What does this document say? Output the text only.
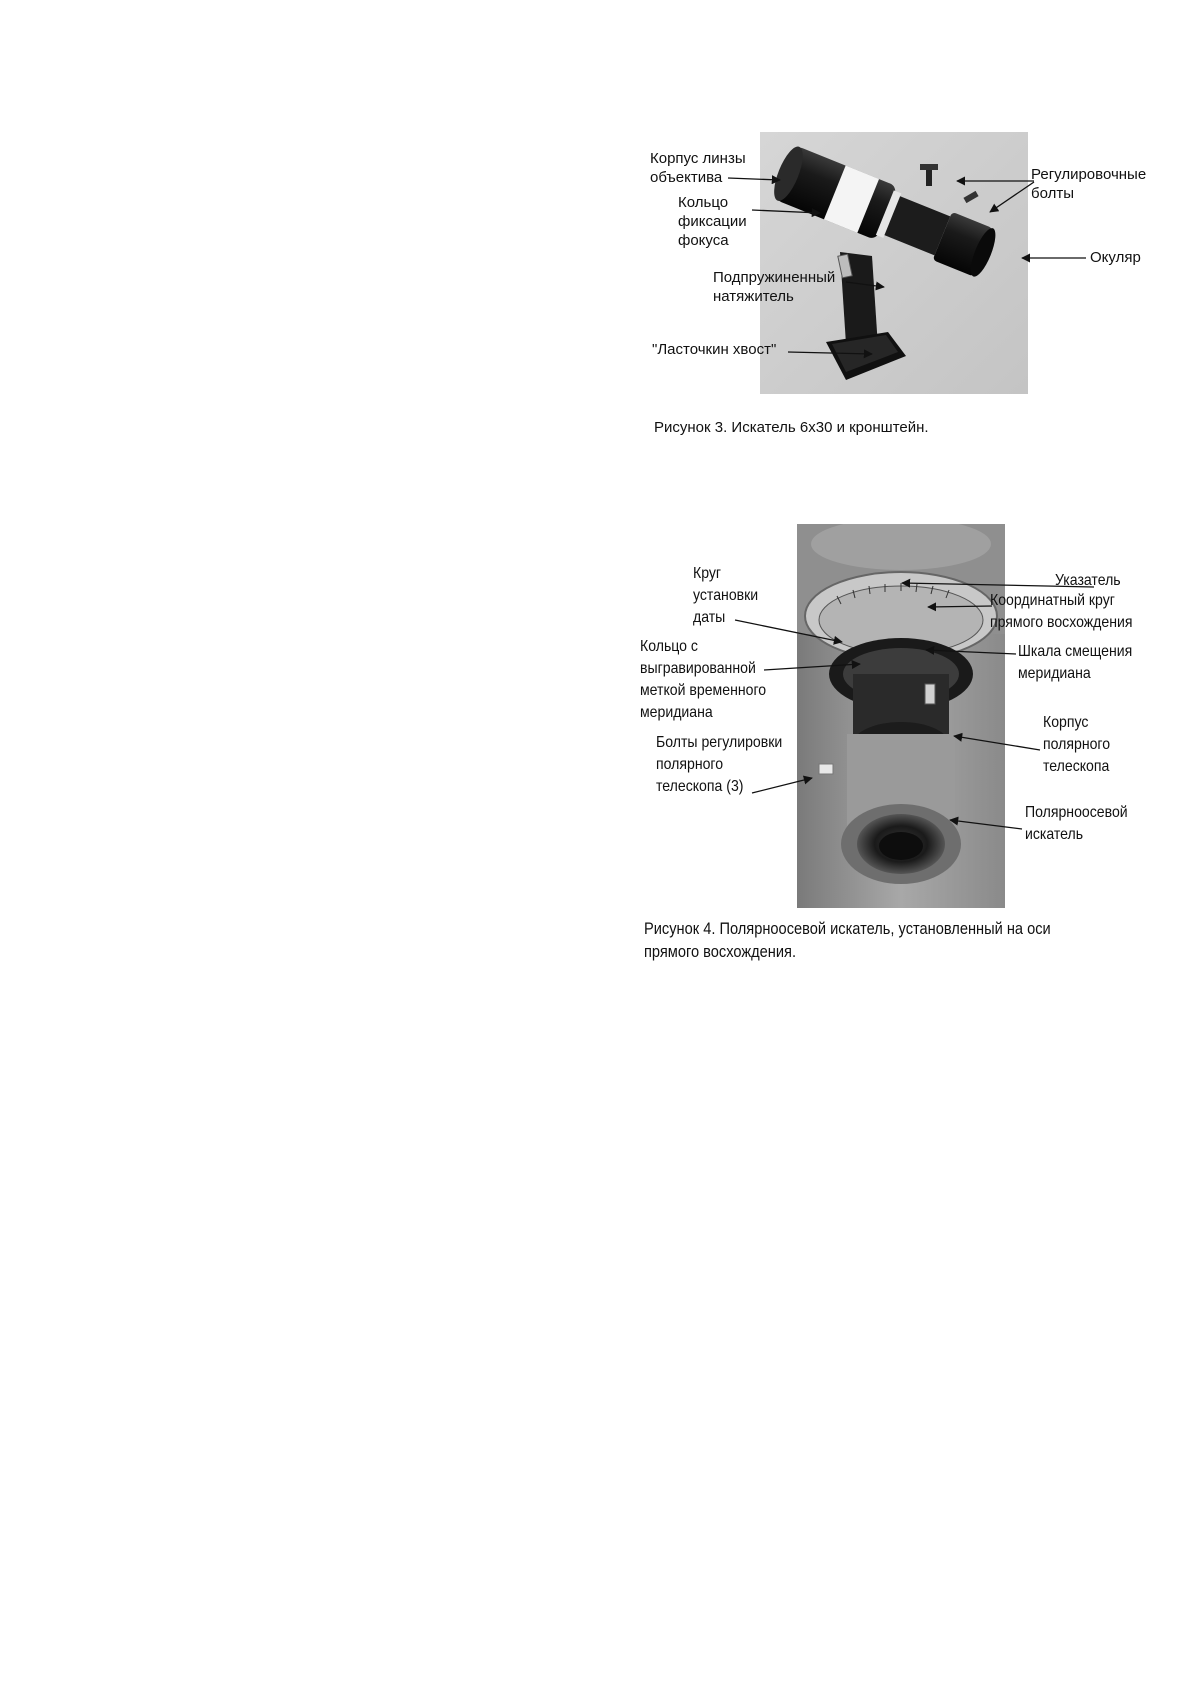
Корпус линзы
объектива
Кольцо
фиксации
фокуса
Регулировочные
болты
Окуляр
Подпружиненный
натяжитель
"Ласточкин хвост"
Рисунок 3. Искатель 6х30 и кронштейн.
Круг
установки
даты
Указатель
Координатный круг
прямого восхождения
Кольцо с
выгравированной
меткой временного
меридиана
Шкала смещения
меридиана
Болты регулировки
полярного
телескопа (3)
Корпус
полярного
телескопа
Полярноосевой
искатель
Рисунок 4. Полярноосевой искатель, установленный на оси
прямого восхождения.
